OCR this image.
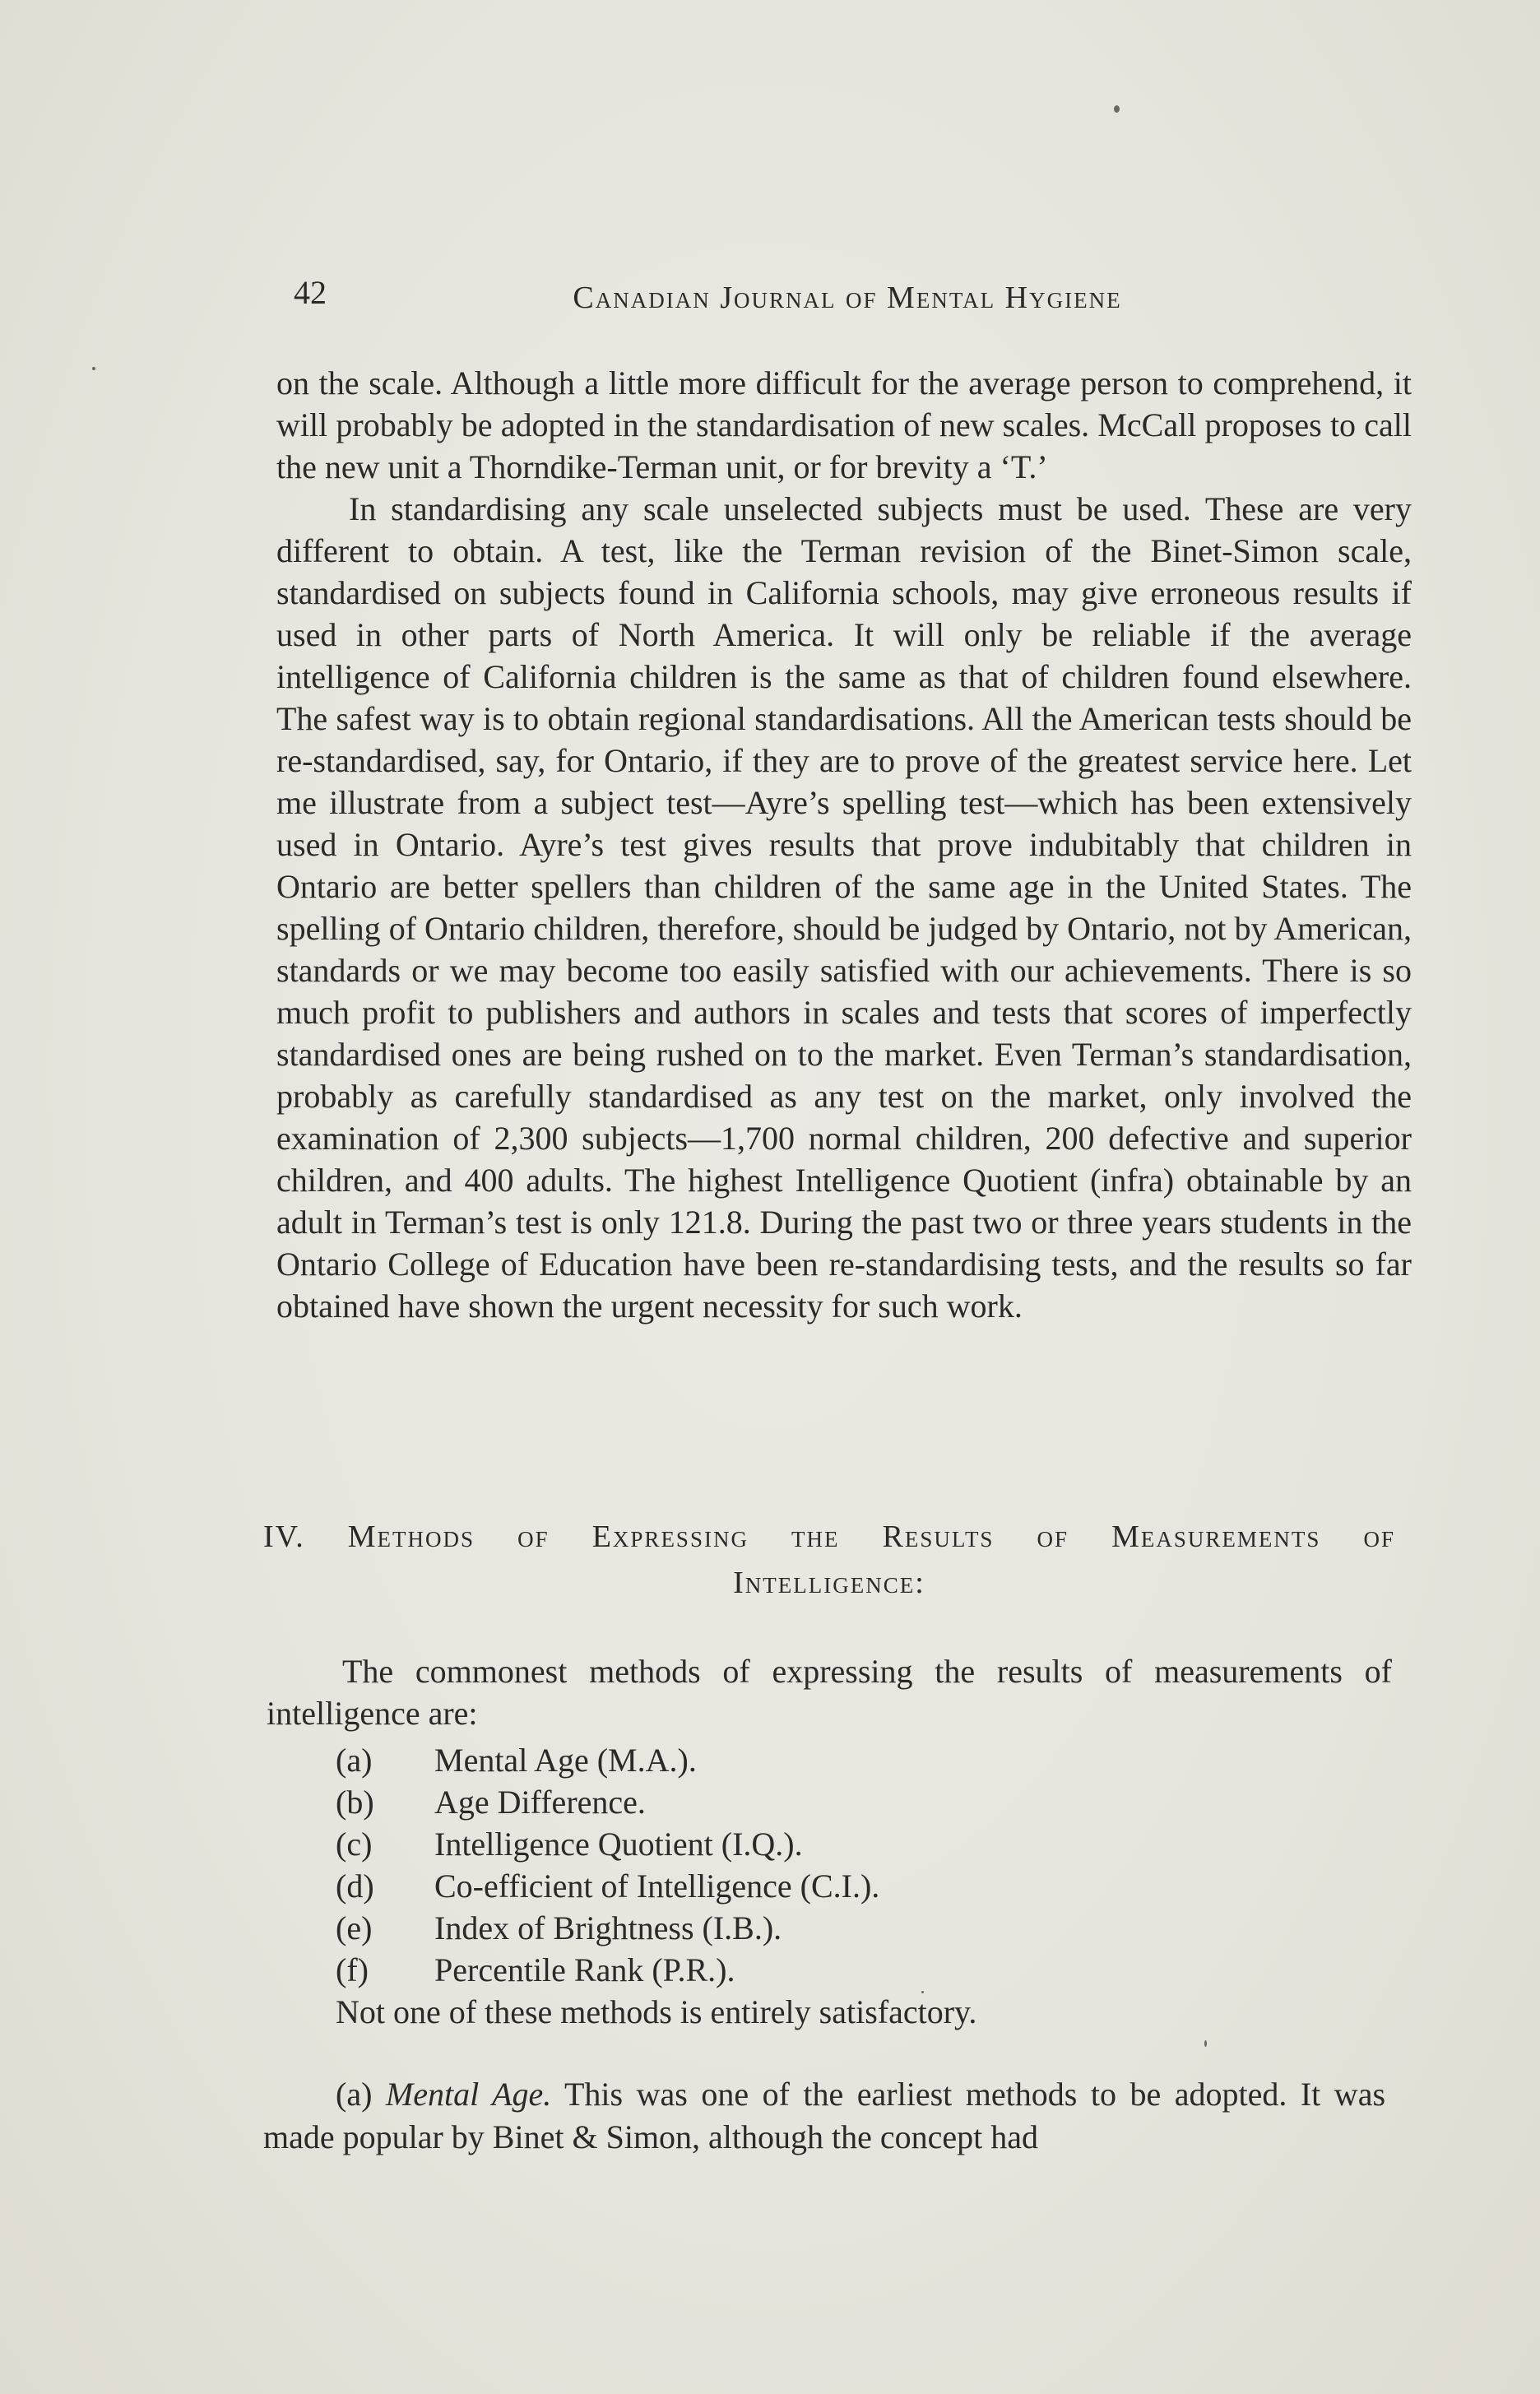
42	Canadian Journal of Mental Hygiene

on the scale. Although a little more difficult for the average person to comprehend, it will probably be adopted in the standardisation of new scales. McCall proposes to call the new unit a Thorndike-Terman unit, or for brevity a ‘T.’

In standardising any scale unselected subjects must be used. These are very different to obtain. A test, like the Terman revision of the Binet-Simon scale, standardised on subjects found in California schools, may give erroneous results if used in other parts of North America. It will only be reliable if the average intelligence of California children is the same as that of children found elsewhere. The safest way is to obtain regional standardisations. All the American tests should be re-standardised, say, for Ontario, if they are to prove of the greatest service here. Let me illustrate from a subject test—Ayre’s spelling test—which has been extensively used in Ontario. Ayre’s test gives results that prove indubitably that children in Ontario are better spellers than children of the same age in the United States. The spelling of Ontario children, therefore, should be judged by Ontario, not by American, standards or we may become too easily satisfied with our achievements. There is so much profit to publishers and authors in scales and tests that scores of imperfectly standardised ones are being rushed on to the market. Even Terman’s standardisation, probably as carefully standardised as any test on the market, only involved the examination of 2,300 subjects—1,700 normal children, 200 defective and superior children, and 400 adults. The highest Intelligence Quotient (infra) obtainable by an adult in Terman’s test is only 121.8. During the past two or three years students in the Ontario College of Education have been re-standardising tests, and the results so far obtained have shown the urgent necessity for such work.

IV. Methods of Expressing the Results of Measurements of
Intelligence:

The commonest methods of expressing the results of measurements of intelligence are:

(a)	Mental Age (M.A.).
(b)	Age Difference.
(c)	Intelligence Quotient (I.Q.).
(d)	Co-efficient of Intelligence (C.I.).
(e)	Index of Brightness (I.B.).
(f)	Percentile Rank (P.R.).
Not one of these methods is entirely satisfactory.
(a) Mental Age. This was one of the earliest methods to be adopted. It was made popular by Binet & Simon, although the concept had
